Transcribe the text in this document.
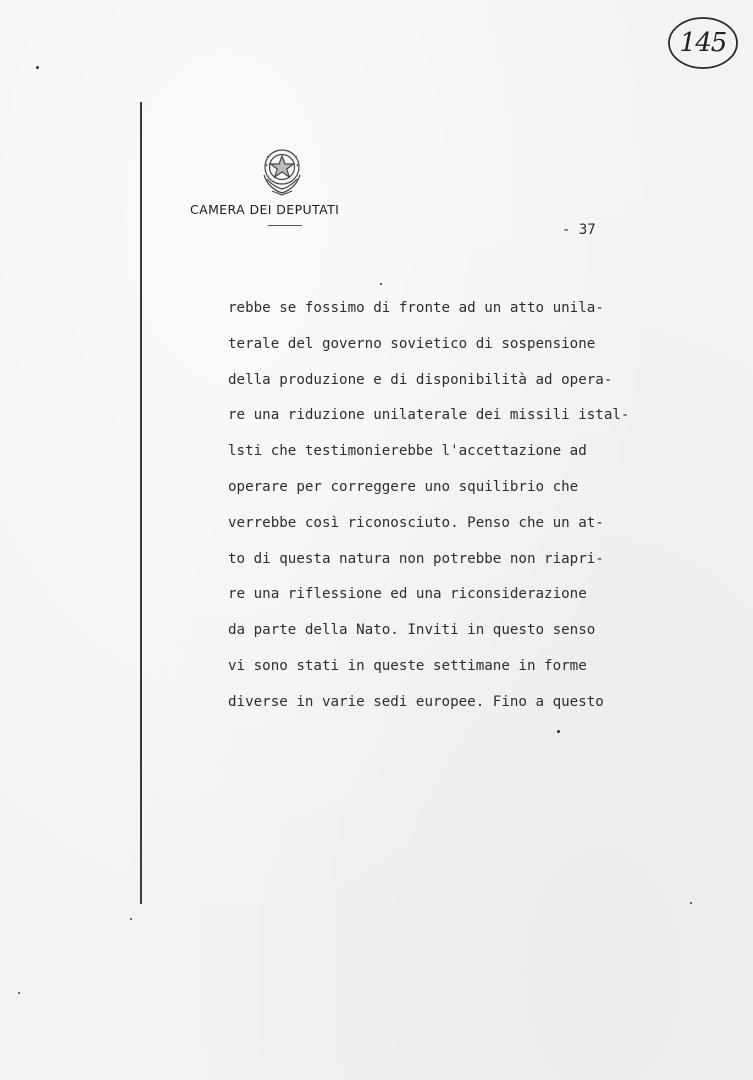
145
CAMERA DEI DEPUTATI
- 37
rebbe se fossimo di fronte ad un atto unila-
terale del governo sovietico di sospensione
della produzione e di disponibilità ad opera-
re una riduzione unilaterale dei missili istal-
lsti che testimonierebbe l'accettazione ad
operare per correggere uno squilibrio che
verrebbe così riconosciuto. Penso che un at-
to di questa natura non potrebbe non riapri-
re una riflessione ed una riconsiderazione
da parte della Nato. Inviti in questo senso
vi sono stati in queste settimane in forme
diverse in varie sedi europee. Fino a questo
